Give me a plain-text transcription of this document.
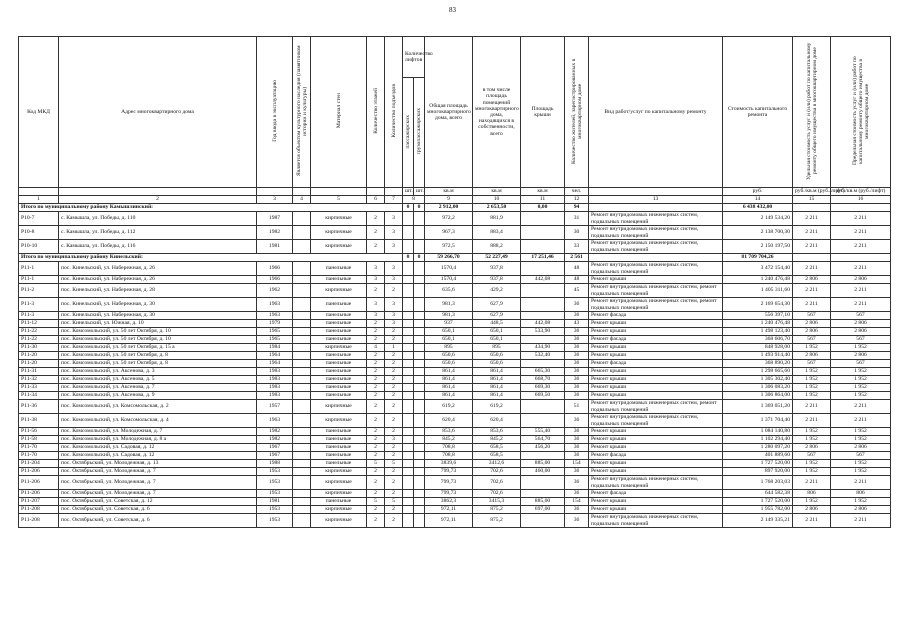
83
Код МКД	Адрес многоквартирного дома	Год ввода в эксплуатацию	Является объектом культурного наследия (памятником истории и культуры)	Материал стен	Количество этажей	Количество подъездов	Количество лифтов		Общая площадь многоквартирного дома, всего	в том числе площадь помещений многоквартирного дома, находящихся в собственности, всего	Площадь крыши	Количество жителей, зарегистрированных в многоквартирном доме	Вид работ/услуг по капитальному ремонту	Стоимость капитального ремонта	Удельная стоимость услуг и (или) работ по капитальному ремонту общего имущества в многоквартирном доме	Предельная стоимость услуг и (или) работ по капитальному ремонту общего имущества в многоквартирном доме
							пассажирских	грузопассажирских								
							шт.	шт.	кв.м	кв.м	кв.м	чел.		руб.	руб./кв.м (руб./лифт)	руб./кв.м (руб./лифт)
1	2	3	4	5	6	7	8		9	10	11	12	13	14	15	16
Итого по муниципальному району Камышлинский:							0	0	2 912,00	2 653,50	0,00	94		6 438 432,00		
Р10-7	с. Камышла, ул. Победы, д. 110	1987		кирпичные	2	3			972,2	881,9		31	Ремонт внутридомовых инженерных систем, подвальных помещений	2 149 534,20	2 211	2 211
Р10-8	с. Камышла, ул. Победы, д. 112	1982		кирпичные	2	3			967,3	883,4		30	Ремонт внутридомовых инженерных систем, подвальных помещений	2 138 700,30	2 211	2 211
Р10-10	с. Камышла, ул. Победы, д. 116	1981		кирпичные	2	3			972,5	888,2		33	Ремонт внутридомовых инженерных систем, подвальных помещений	2 150 197,50	2 211	2 211
Итого по муниципальному району Кинельский:							0	0	59 266,70	52 227,49	17 251,46	2 561		81 709 704,26		
Р11-1	пос. Кинельский, ул. Набережная, д. 26	1966		панельные	3	3			1570,4	937,8		48	Ремонт внутридомовых инженерных систем, подвальных помещений	3 472 154,40	2 211	2 211
Р11-1	пос. Кинельский, ул. Набережная, д. 26	1966		панельные	3	3			1570,4	937,8	442,08	48	Ремонт крыши	1 240 476,48	2 806	2 806
Р11-2	пос. Кинельский, ул. Набережная, д. 28	1962		кирпичные	2	2			635,6	429,2		45	Ремонт внутридомовых инженерных систем, ремонт подвальных помещений	1 405 311,60	2 211	2 211
Р11-3	пос. Кинельский, ул. Набережная, д. 30	1963		панельные	3	3			981,3	627,9		36	Ремонт внутридомовых инженерных систем, ремонт подвальных помещений	2 169 654,30	2 211	2 211
Р11-3	пос. Кинельский, ул. Набережная, д. 30	1963		панельные	3	3			981,3	627,9		36	Ремонт фасада	556 397,10	567	567
Р11-12	пос. Кинельский, ул. Южная, д. 10	1979		панельные	2	3			937	448,5	442,08	43	Ремонт крыши	1 240 476,48	2 806	2 806
Р11-22	пос. Комсомольский, ул. 50 лет Октября, д. 10	1965		панельные	2	2			650,1	650,1	533,90	36	Ремонт крыши	1 498 123,40	2 806	2 806
Р11-22	пос. Комсомольский, ул. 50 лет Октября, д. 10	1965		панельные	2	2			650,1	650,1		36	Ремонт фасада	368 606,70	567	567
Р11-30	пос. Комсомольский, ул. 50 лет Октября, д. 15 а	1984		кирпичные	4	1			895	895	434,90	36	Ремонт крыши	848 928,00	1 952	1 952
Р11-20	пос. Комсомольский, ул. 50 лет Октября, д. 8	1964		панельные	2	2			650,6	650,6	532,40	36	Ремонт крыши	1 493 914,40	2 806	2 806
Р11-20	пос. Комсомольский, ул. 50 лет Октября, д. 8	1964		панельные	2	2			650,6	650,6		36	Ремонт фасада	368 890,20	567	567
Р11-31	пос. Комсомольский, ул. Аксенова, д. 3	1983		панельные	2	2			861,4	861,4	665,30	36	Ремонт крыши	1 298 665,60	1 952	1 952
Р11-32	пос. Комсомольский, ул. Аксенова, д. 5	1983		панельные	2	2			861,4	861,4	668,70	36	Ремонт крыши	1 305 302,40	1 952	1 952
Р11-33	пос. Комсомольский, ул. Аксенова, д. 7	1983		панельные	2	2			861,4	861,4	669,30	36	Ремонт крыши	1 306 083,20	1 952	1 952
Р11-34	пос. Комсомольский, ул. Аксенова, д. 9	1983		панельные	2	2			861,4	861,4	669,50	36	Ремонт крыши	1 306 864,00	1 952	1 952
Р11-36	пос. Комсомольский, ул. Комсомольская, д. 2	1957		кирпичные	2	2			619,2	619,2		51	Ремонт внутридомовых инженерных систем, ремонт подвальных помещений	1 369 051,20	2 211	2 211
Р11-38	пос. Комсомольский, ул. Комсомольская, д. 4	1963		кирпичные	2	2			620,4	620,4		36	Ремонт внутридомовых инженерных систем, подвальных помещений	1 371 704,40	2 211	2 211
Р11-56	пос. Комсомольский, ул. Молодежная, д. 7	1982		панельные	2	2			853,6	853,6	555,40	36	Ремонт крыши	1 084 140,80	1 952	1 952
Р11-58	пос. Комсомольский, ул. Молодежная, д. 8 а	1982		панельные	2	3			845,2	845,2	564,70	36	Ремонт крыши	1 102 294,40	1 952	1 952
Р11-70	пос. Комсомольский, ул. Садовая, д. 12	1967		панельные	2	2			708,8	658,5	456,20	36	Ремонт крыши	1 280 097,20	2 806	2 806
Р11-70	пос. Комсомольский, ул. Садовая, д. 12	1967		панельные	2	2			708,8	658,5		36	Ремонт фасада	401 889,60	567	567
Р11-204	пос. Октябрьский, ул. Молодежная, д. 13	1988		панельные	5	5			3839,6	3412,6	885,00	154	Ремонт крыши	1 727 520,00	1 952	1 952
Р11-206	пос. Октябрьский, ул. Молодежная, д. 7	1953		кирпичные	2	2			799,73	702,6	460,00	36	Ремонт крыши	897 920,00	1 952	1 952
Р11-206	пос. Октябрьский, ул. Молодежная, д. 7	1953		кирпичные	2	2			799,73	702,6		36	Ремонт внутридомовых инженерных систем, подвальных помещений	1 768 203,03	2 211	2 211
Р11-206	пос. Октябрьский, ул. Молодежная, д. 7	1953		кирпичные	2	2			799,73	702,6		36	Ремонт фасада	644 582,38	806	806
Р11-207	пос. Октябрьский, ул. Советская, д. 12	1981		панельные	5	5			3862,3	3415,3	885,00	154	Ремонт крыши	1 727 520,00	1 952	1 952
Р11-208	пос. Октябрьский, ул. Советская, д. 6	1953		кирпичные	2	2			972,11	875,2	697,00	36	Ремонт крыши	1 955 782,00	2 806	2 806
Р11-208	пос. Октябрьский, ул. Советская, д. 6	1953		кирпичные	2	2			972,11	875,2		36	Ремонт внутридомовых инженерных систем, подвальных помещений	2 149 335,21	2 211	2 211
